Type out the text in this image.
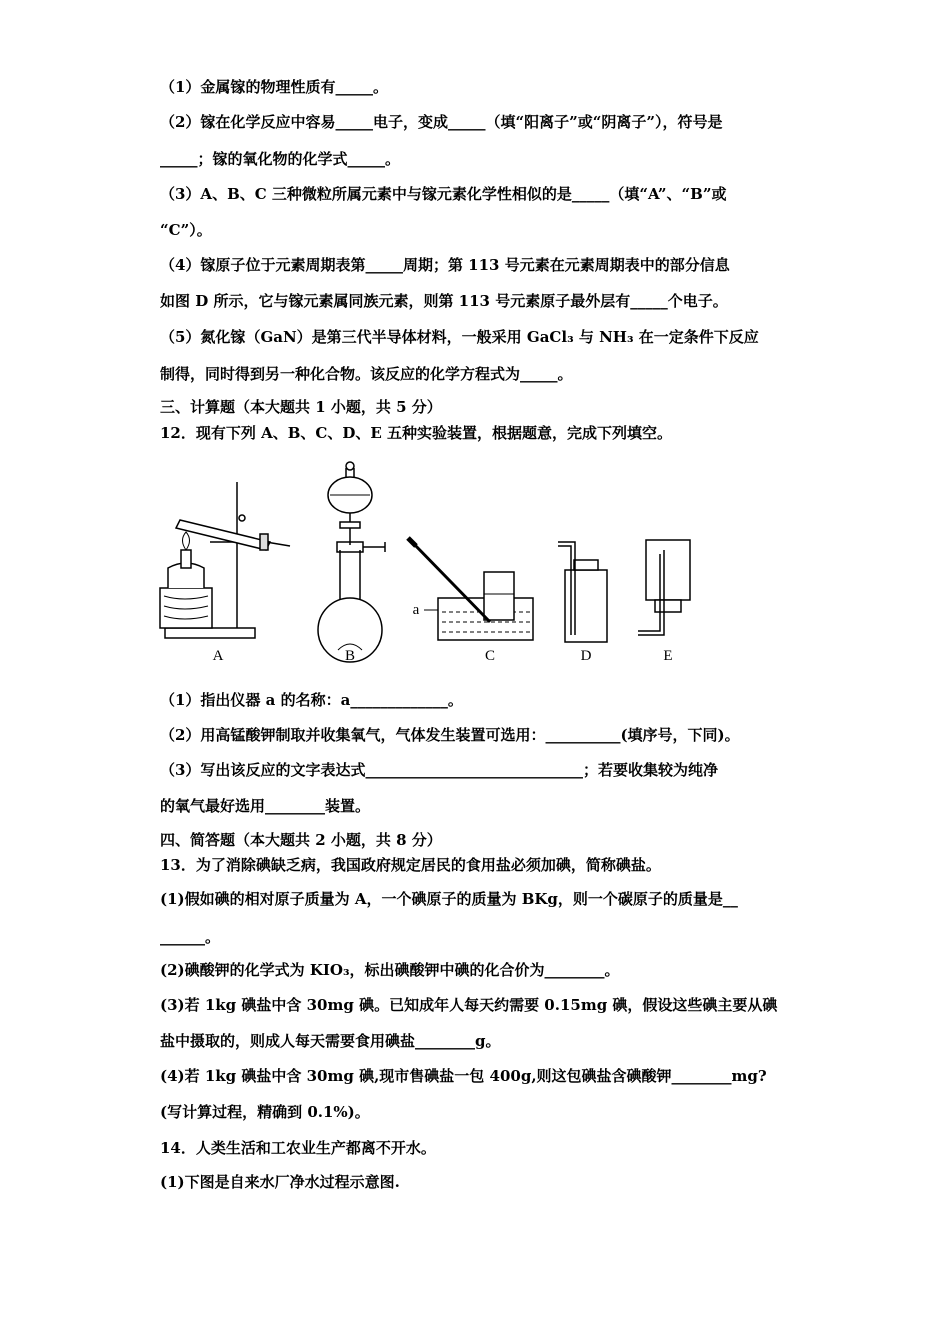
（1）金属镓的物理性质有_____。
（2）镓在化学反应中容易_____电子，变成_____（填“阳离子”或“阴离子”），符号是
_____；镓的氧化物的化学式_____。
（3）A、B、C 三种微粒所属元素中与镓元素化学性相似的是_____（填“A”、“B”或
“C”）。
（4）镓原子位于元素周期表第_____周期；第 113 号元素在元素周期表中的部分信息
如图 D 所示，它与镓元素属同族元素，则第 113 号元素原子最外层有_____个电子。
（5）氮化镓（GaN）是第三代半导体材料，一般采用 GaCl₃ 与 NH₃ 在一定条件下反应
制得，同时得到另一种化合物。该反应的化学方程式为_____。
三、计算题（本大题共 1 小题，共 5 分）
12．现有下列 A、B、C、D、E 五种实验装置，根据题意，完成下列填空。
A	B	C	D	E
a
（1）指出仪器 a 的名称：a_____________。
（2）用高锰酸钾制取并收集氧气，气体发生装置可选用：__________(填序号，下同)。
（3）写出该反应的文字表达式_____________________________；若要收集较为纯净
的氧气最好选用________装置。
四、简答题（本大题共 2 小题，共 8 分）
13．为了消除碘缺乏病，我国政府规定居民的食用盐必须加碘，简称碘盐。
(1)假如碘的相对原子质量为 A，一个碘原子的质量为 BKg，则一个碳原子的质量是__
______。
(2)碘酸钾的化学式为 KIO₃，标出碘酸钾中碘的化合价为________。
(3)若 1kg 碘盐中含 30mg 碘。已知成年人每天约需要 0.15mg 碘，假设这些碘主要从碘
盐中摄取的，则成人每天需要食用碘盐________g。
(4)若 1kg 碘盐中含 30mg 碘,现市售碘盐一包 400g,则这包碘盐含碘酸钾________mg?
(写计算过程，精确到 0.1%)。
14．人类生活和工农业生产都离不开水。
(1)下图是自来水厂净水过程示意图.
